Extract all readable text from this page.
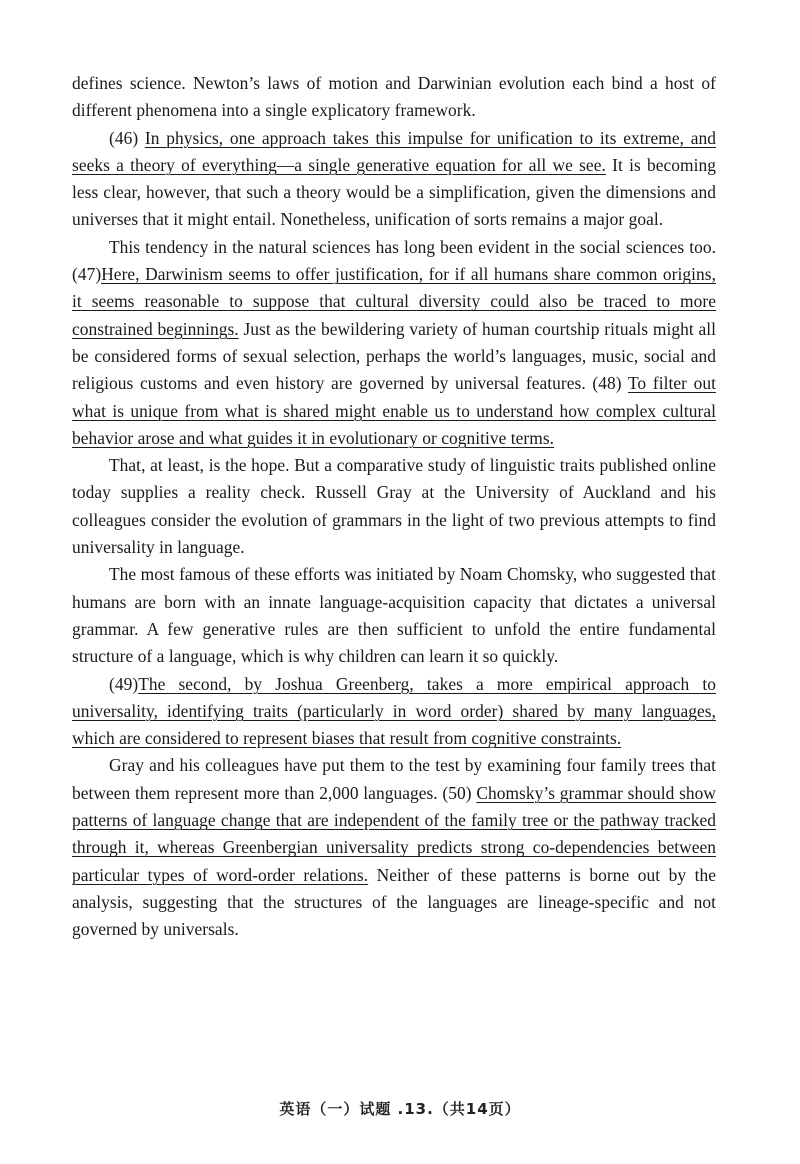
defines science. Newton’s laws of motion and Darwinian evolution each bind a host of different phenomena into a single explicatory framework.

(46) In physics, one approach takes this impulse for unification to its extreme, and seeks a theory of everything—a single generative equation for all we see. It is becoming less clear, however, that such a theory would be a simplification, given the dimensions and universes that it might entail. Nonetheless, unification of sorts remains a major goal.

This tendency in the natural sciences has long been evident in the social sciences too. (47)Here, Darwinism seems to offer justification, for if all humans share common origins, it seems reasonable to suppose that cultural diversity could also be traced to more constrained beginnings. Just as the bewildering variety of human courtship rituals might all be considered forms of sexual selection, perhaps the world’s languages, music, social and religious customs and even history are governed by universal features. (48) To filter out what is unique from what is shared might enable us to understand how complex cultural behavior arose and what guides it in evolutionary or cognitive terms.

That, at least, is the hope. But a comparative study of linguistic traits published online today supplies a reality check. Russell Gray at the University of Auckland and his colleagues consider the evolution of grammars in the light of two previous attempts to find universality in language.

The most famous of these efforts was initiated by Noam Chomsky, who suggested that humans are born with an innate language-acquisition capacity that dictates a universal grammar. A few generative rules are then sufficient to unfold the entire fundamental structure of a language, which is why children can learn it so quickly.

(49)The second, by Joshua Greenberg, takes a more empirical approach to universality, identifying traits (particularly in word order) shared by many languages, which are considered to represent biases that result from cognitive constraints.

Gray and his colleagues have put them to the test by examining four family trees that between them represent more than 2,000 languages. (50) Chomsky’s grammar should show patterns of language change that are independent of the family tree or the pathway tracked through it, whereas Greenbergian universality predicts strong co-dependencies between particular types of word-order relations. Neither of these patterns is borne out by the analysis, suggesting that the structures of the languages are lineage-specific and not governed by universals.

英语（一）试题 .13.（共14页）
